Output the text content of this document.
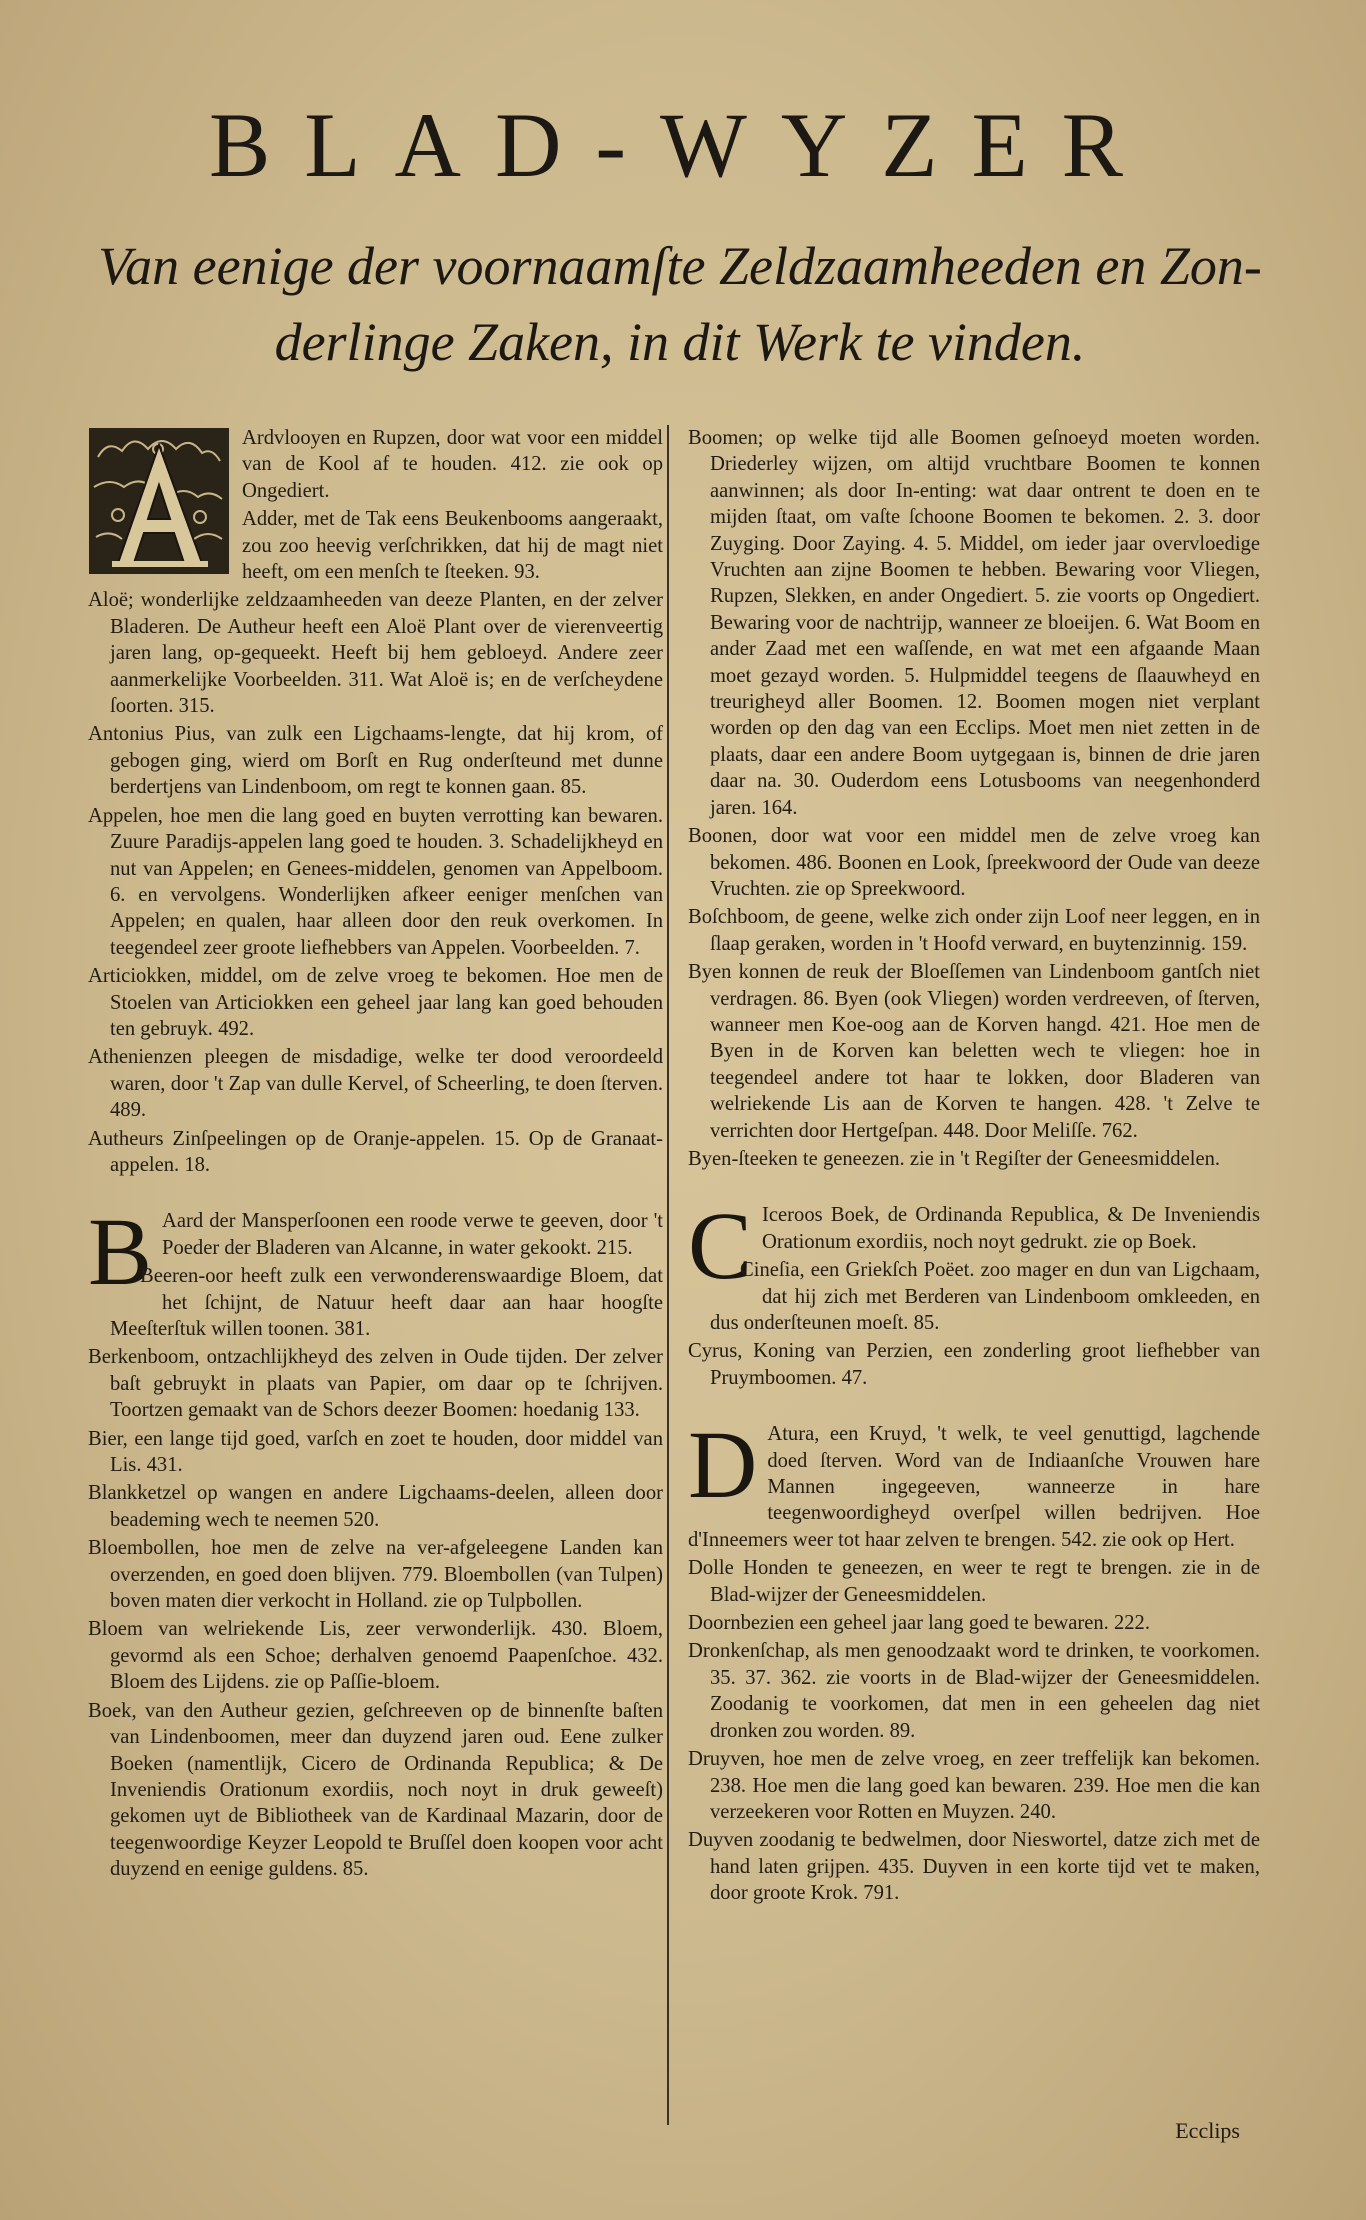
BLAD-WYZER
Van eenige der voornaamſte Zeldzaamheeden en Zon-
derlinge Zaken, in dit Werk te vinden.

Ardvlooyen en Rupzen, door wat voor een middel van de Kool af te houden. 412. zie ook op Ongediert.

Adder, met de Tak eens Beukenbooms aangeraakt, zou zoo heevig verſchrikken, dat hij de magt niet heeft, om een menſch te ſteeken. 93.

Aloë; wonderlijke zeldzaamheeden van deeze Planten, en der zelver Bladeren. De Autheur heeft een Aloë Plant over de vierenveertig jaren lang, op-gequeekt. Heeft bij hem gebloeyd. Andere zeer aanmerkelijke Voorbeelden. 311. Wat Aloë is; en de verſcheydene ſoorten. 315.

Antonius Pius, van zulk een Ligchaams-lengte, dat hij krom, of gebogen ging, wierd om Borſt en Rug onderſteund met dunne berdertjens van Lindenboom, om regt te konnen gaan. 85.

Appelen, hoe men die lang goed en buyten verrotting kan bewaren. Zuure Paradijs-appelen lang goed te houden. 3. Schadelijkheyd en nut van Appelen; en Genees-middelen, genomen van Appelboom. 6. en vervolgens. Wonderlijken afkeer eeniger menſchen van Appelen; en qualen, haar alleen door den reuk overkomen. In teegendeel zeer groote liefhebbers van Appelen. Voorbeelden. 7.

Articiokken, middel, om de zelve vroeg te bekomen. Hoe men de Stoelen van Articiokken een geheel jaar lang kan goed behouden ten gebruyk. 492.

Athenienzen pleegen de misdadige, welke ter dood veroordeeld waren, door 't Zap van dulle Kervel, of Scheerling, te doen ſterven. 489.

Autheurs Zinſpeelingen op de Oranje-appelen. 15. Op de Granaat-appelen. 18.

B Aard der Mansperſoonen een roode verwe te geeven, door 't Poeder der Bladeren van Alcanne, in water gekookt. 215.

Beeren-oor heeft zulk een verwonderenswaardige Bloem, dat het ſchijnt, de Natuur heeft daar aan haar hoogſte Meeſterſtuk willen toonen. 381.

Berkenboom, ontzachlijkheyd des zelven in Oude tijden. Der zelver baſt gebruykt in plaats van Papier, om daar op te ſchrijven. Toortzen gemaakt van de Schors deezer Boomen: hoedanig 133.

Bier, een lange tijd goed, varſch en zoet te houden, door middel van Lis. 431.

Blankketzel op wangen en andere Ligchaams-deelen, alleen door beademing wech te neemen 520.

Bloembollen, hoe men de zelve na ver-afgeleegene Landen kan overzenden, en goed doen blijven. 779. Bloembollen (van Tulpen) boven maten dier verkocht in Holland. zie op Tulpbollen.

Bloem van welriekende Lis, zeer verwonderlijk. 430. Bloem, gevormd als een Schoe; derhalven genoemd Paapenſchoe. 432. Bloem des Lijdens. zie op Paſſie-bloem.

Boek, van den Autheur gezien, geſchreeven op de binnenſte baſten van Lindenboomen, meer dan duyzend jaren oud. Eene zulker Boeken (namentlijk, Cicero de Ordinanda Republica; & De Inveniendis Orationum exordiis, noch noyt in druk geweeſt) gekomen uyt de Bibliotheek van de Kardinaal Mazarin, door de teegenwoordige Keyzer Leopold te Bruſſel doen koopen voor acht duyzend en eenige guldens. 85.

Boomen; op welke tijd alle Boomen geſnoeyd moeten worden. Driederley wijzen, om altijd vruchtbare Boomen te konnen aanwinnen; als door In-enting: wat daar ontrent te doen en te mijden ſtaat, om vaſte ſchoone Boomen te bekomen. 2. 3. door Zuyging. Door Zaying. 4. 5. Middel, om ieder jaar overvloedige Vruchten aan zijne Boomen te hebben. Bewaring voor Vliegen, Rupzen, Slekken, en ander Ongediert. 5. zie voorts op Ongediert. Bewaring voor de nachtrijp, wanneer ze bloeijen. 6. Wat Boom en ander Zaad met een waſſende, en wat met een afgaande Maan moet gezayd worden. 5. Hulpmiddel teegens de ſlaauwheyd en treurigheyd aller Boomen. 12. Boomen mogen niet verplant worden op den dag van een Ecclips. Moet men niet zetten in de plaats, daar een andere Boom uytgegaan is, binnen de drie jaren daar na. 30. Ouderdom eens Lotusbooms van neegenhonderd jaren. 164.

Boonen, door wat voor een middel men de zelve vroeg kan bekomen. 486. Boonen en Look, ſpreekwoord der Oude van deeze Vruchten. zie op Spreekwoord.

Boſchboom, de geene, welke zich onder zijn Loof neer leggen, en in ſlaap geraken, worden in 't Hoofd verward, en buytenzinnig. 159.

Byen konnen de reuk der Bloeſſemen van Lindenboom gantſch niet verdragen. 86. Byen (ook Vliegen) worden verdreeven, of ſterven, wanneer men Koe-oog aan de Korven hangd. 421. Hoe men de Byen in de Korven kan beletten wech te vliegen: hoe in teegendeel andere tot haar te lokken, door Bladeren van welriekende Lis aan de Korven te hangen. 428. 't Zelve te verrichten door Hertgeſpan. 448. Door Meliſſe. 762.

Byen-ſteeken te geneezen. zie in 't Regiſter der Geneesmiddelen.

C Iceroos Boek, de Ordinanda Republica, & De Inveniendis Orationum exordiis, noch noyt gedrukt. zie op Boek.

Cineſia, een Griekſch Poëet. zoo mager en dun van Ligchaam, dat hij zich met Berderen van Lindenboom omkleeden, en dus onderſteunen moeſt. 85.

Cyrus, Koning van Perzien, een zonderling groot liefhebber van Pruymboomen. 47.

D Atura, een Kruyd, 't welk, te veel genuttigd, lagchende doed ſterven. Word van de Indiaanſche Vrouwen hare Mannen ingegeeven, wanneerze in hare teegenwoordigheyd overſpel willen bedrijven. Hoe d'Inneemers weer tot haar zelven te brengen. 542. zie ook op Hert.

Dolle Honden te geneezen, en weer te regt te brengen. zie in de Blad-wijzer der Geneesmiddelen.

Doornbezien een geheel jaar lang goed te bewaren. 222.

Dronkenſchap, als men genoodzaakt word te drinken, te voorkomen. 35. 37. 362. zie voorts in de Blad-wijzer der Geneesmiddelen. Zoodanig te voorkomen, dat men in een geheelen dag niet dronken zou worden. 89.

Druyven, hoe men de zelve vroeg, en zeer treffelijk kan bekomen. 238. Hoe men die lang goed kan bewaren. 239. Hoe men die kan verzeekeren voor Rotten en Muyzen. 240.

Duyven zoodanig te bedwelmen, door Nieswortel, datze zich met de hand laten grijpen. 435. Duyven in een korte tijd vet te maken, door groote Krok. 791.

Ecclips
